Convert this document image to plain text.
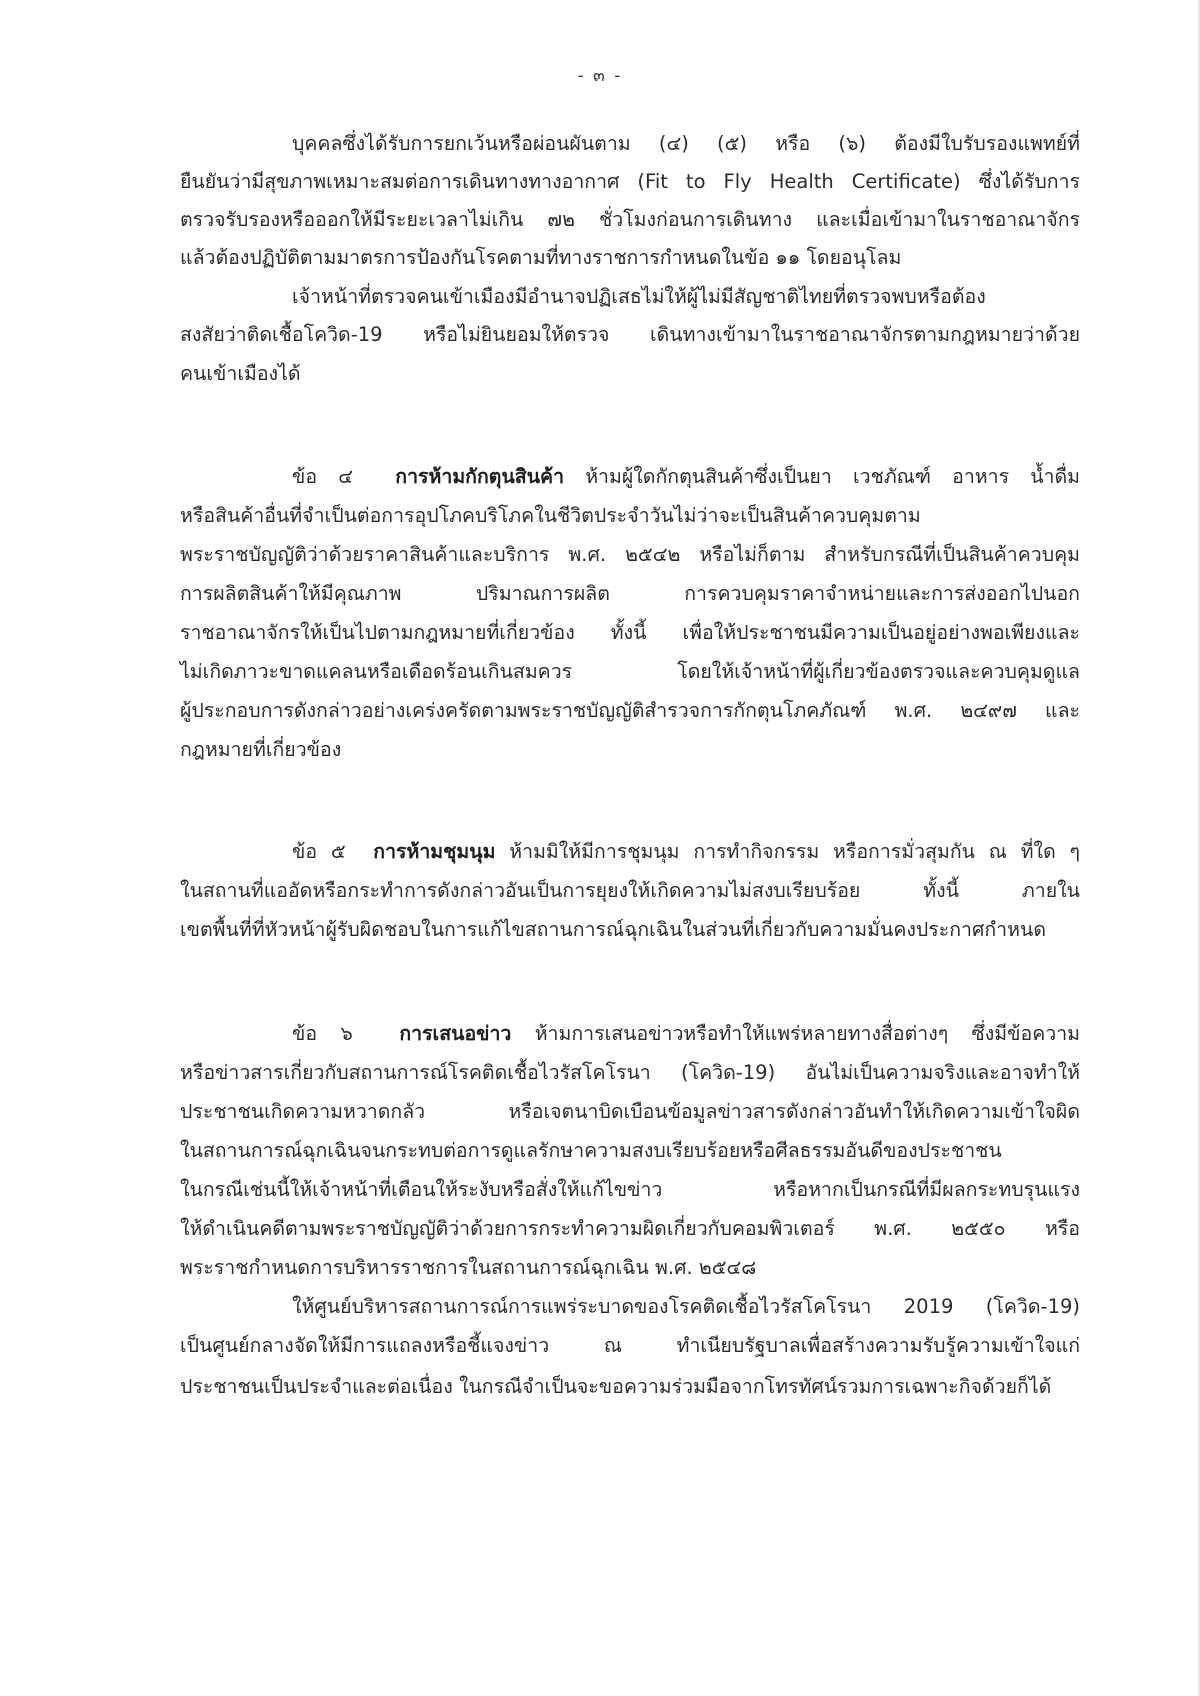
- ๓ -
บุคคลซึ่งได้รับการยกเว้นหรือผ่อนผันตาม (๔) (๕) หรือ (๖) ต้องมีใบรับรองแพทย์ที่
ยืนยันว่ามีสุขภาพเหมาะสมต่อการเดินทางทางอากาศ (Fit to Fly Health Certificate) ซึ่งได้รับการ
ตรวจรับรองหรือออกให้มีระยะเวลาไม่เกิน ๗๒ ชั่วโมงก่อนการเดินทาง และเมื่อเข้ามาในราชอาณาจักร
แล้วต้องปฏิบัติตามมาตรการป้องกันโรคตามที่ทางราชการกำหนดในข้อ ๑๑ โดยอนุโลม
เจ้าหน้าที่ตรวจคนเข้าเมืองมีอำนาจปฏิเสธไม่ให้ผู้ไม่มีสัญชาติไทยที่ตรวจพบหรือต้อง
สงสัยว่าติดเชื้อโควิด-19 หรือไม่ยินยอมให้ตรวจ เดินทางเข้ามาในราชอาณาจักรตามกฎหมายว่าด้วย
คนเข้าเมืองได้
ข้อ ๔ การห้ามกักตุนสินค้า ห้ามผู้ใดกักตุนสินค้าซึ่งเป็นยา เวชภัณฑ์ อาหาร น้ำดื่ม
หรือสินค้าอื่นที่จำเป็นต่อการอุปโภคบริโภคในชีวิตประจำวันไม่ว่าจะเป็นสินค้าควบคุมตาม
พระราชบัญญัติว่าด้วยราคาสินค้าและบริการ พ.ศ. ๒๕๔๒ หรือไม่ก็ตาม สำหรับกรณีที่เป็นสินค้าควบคุม
การผลิตสินค้าให้มีคุณภาพ ปริมาณการผลิต การควบคุมราคาจำหน่ายและการส่งออกไปนอก
ราชอาณาจักรให้เป็นไปตามกฎหมายที่เกี่ยวข้อง ทั้งนี้ เพื่อให้ประชาชนมีความเป็นอยู่อย่างพอเพียงและ
ไม่เกิดภาวะขาดแคลนหรือเดือดร้อนเกินสมควร โดยให้เจ้าหน้าที่ผู้เกี่ยวข้องตรวจและควบคุมดูแล
ผู้ประกอบการดังกล่าวอย่างเคร่งครัดตามพระราชบัญญัติสำรวจการกักตุนโภคภัณฑ์ พ.ศ. ๒๔๙๗ และ
กฎหมายที่เกี่ยวข้อง
ข้อ ๕ การห้ามชุมนุม ห้ามมิให้มีการชุมนุม การทำกิจกรรม หรือการมั่วสุมกัน ณ ที่ใด ๆ
ในสถานที่แออัดหรือกระทำการดังกล่าวอันเป็นการยุยงให้เกิดความไม่สงบเรียบร้อย ทั้งนี้ ภายใน
เขตพื้นที่ที่หัวหน้าผู้รับผิดชอบในการแก้ไขสถานการณ์ฉุกเฉินในส่วนที่เกี่ยวกับความมั่นคงประกาศกำหนด
ข้อ ๖ การเสนอข่าว ห้ามการเสนอข่าวหรือทำให้แพร่หลายทางสื่อต่างๆ ซึ่งมีข้อความ
หรือข่าวสารเกี่ยวกับสถานการณ์โรคติดเชื้อไวรัสโคโรนา (โควิด-19) อันไม่เป็นความจริงและอาจทำให้
ประชาชนเกิดความหวาดกลัว หรือเจตนาบิดเบือนข้อมูลข่าวสารดังกล่าวอันทำให้เกิดความเข้าใจผิด
ในสถานการณ์ฉุกเฉินจนกระทบต่อการดูแลรักษาความสงบเรียบร้อยหรือศีลธรรมอันดีของประชาชน
ในกรณีเช่นนี้ให้เจ้าหน้าที่เตือนให้ระงับหรือสั่งให้แก้ไขข่าว หรือหากเป็นกรณีที่มีผลกระทบรุนแรง
ให้ดำเนินคดีตามพระราชบัญญัติว่าด้วยการกระทำความผิดเกี่ยวกับคอมพิวเตอร์ พ.ศ. ๒๕๕๐ หรือ
พระราชกำหนดการบริหารราชการในสถานการณ์ฉุกเฉิน พ.ศ. ๒๕๔๘
ให้ศูนย์บริหารสถานการณ์การแพร่ระบาดของโรคติดเชื้อไวรัสโคโรนา 2019 (โควิด-19)
เป็นศูนย์กลางจัดให้มีการแถลงหรือชี้แจงข่าว ณ ทำเนียบรัฐบาลเพื่อสร้างความรับรู้ความเข้าใจแก่
ประชาชนเป็นประจำและต่อเนื่อง ในกรณีจำเป็นจะขอความร่วมมือจากโทรทัศน์รวมการเฉพาะกิจด้วยก็ได้
